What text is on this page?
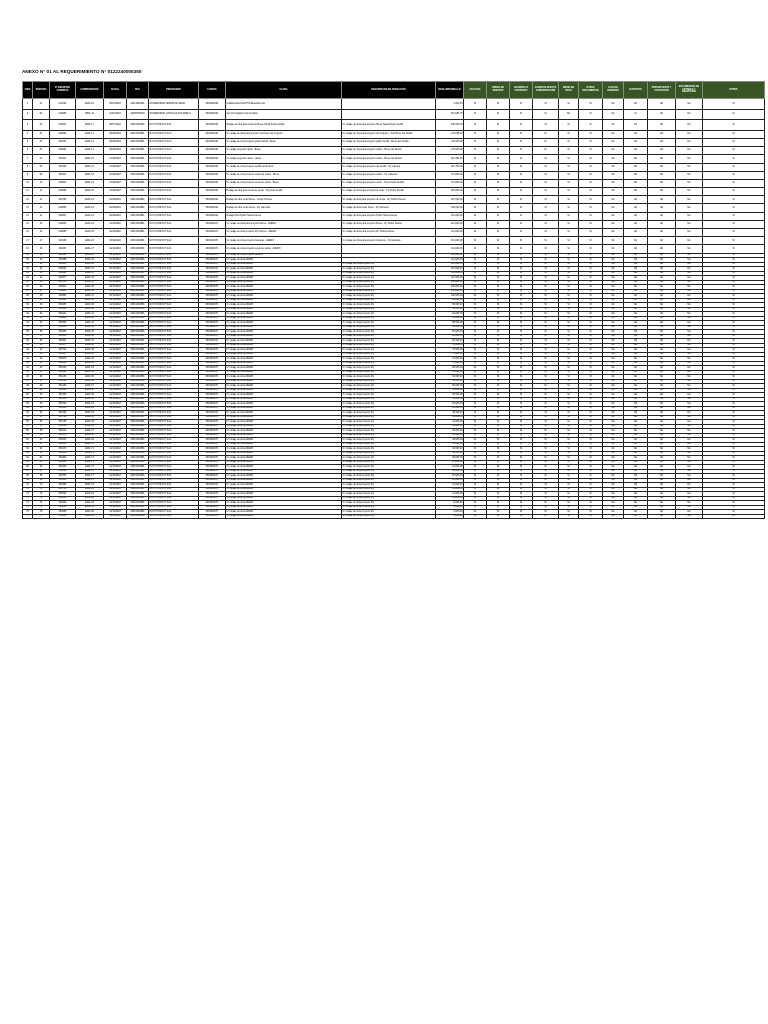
ANEXO N° 01 AL REQUERIMIENTO N° 0122240000350
ITEM	PERIODO	Nº REGISTRO COMPRAS	COMPROBANTE	FECHA	RUC	PROVEEDOR	CUENTA	GLOSA	DESCRIPCION DE OPERACIÓN	BASE IMPONIBLE S/	FACTURA	ORDEN DE SERVICIO	ACUERDO O CONTRATO	ACREDITA EFECTO COMPROBACIÓN	MEDIO DE PAGO	OTROS DOCUMENTOS	GUIA DE REMISIÓN	SUSTENTO	PRESUPUESTO Y COTIZACIÓN	DOCUMENTOS DE ENTREGA Y RECEPCIÓN	OTROS
1	01	012022	E001-91	05/01/2018	20412803901	UNIVERSIDAD SEÑOR DE SIPAN	6391000001	Colaboración Red PTM Beneficiencia		1,201.63	SI	SI	SI	SI	SI	SI	NA	NA	NA	NA	SI
2	02	018080	FB01-10	10/01/2018	20455783018	UNIVERSIDAD CATÓLICA SAN PABLO	6391000001	Servicio logístico Intermediario		501,083.75	SI	SI	SI	SI	NA	SI	NA	SI	NA	NA	SI
3	03	048007	E001-17	05/07/2018	20601303891	DUTCH FROUT SAC	6391000001	Rodaje de obra para proyecto Breve Santa Pedro Sevilla	Un rodaje de obra para proyecto Breve Santa Pedro Sevilla	296,000.00	SI	SI	SI	SI	SI	SI	NA	NA	NA	NA	SI
4	04	048052	E001-12	05/09/2018	20601303891	DUTCH FROUT SAC	6391000001	Un rodaje de obra para proyecto de Breve del conjunto	Un rodaje de obra para proyecto del conjunto - Sub Breve del Sevilla	176,066.00	SI	SI	SI	SI	SI	SI	NA	NA	NA	NA	SI
5	05	048151	E001-13	05/09/2018	20601303891	DUTCH FROUT SAC	6391000001	Un rodaje de obra proyecto gratis Sevilla - Beva	Un rodaje de obra para proyecto gratis Sevilla - Breve del Sevilla	136,000.00	SI	SI	SI	SI	SI	SI	NA	NA	NA	NA	SI
6	06	048262	E001-14	05/09/2018	20601303891	DUTCH FROUT SAC	6391000001	Un rodaje proyecto varios - Breve	Un rodaje de obra para proyecto varios - Breve del Sevilla	178,000.00	SI	SI	SI	SI	SI	SI	NA	NA	NA	NA	SI
7	07	048341	E001-15	07/09/2018	20601303891	DUTCH FROUT SAC	6391000001	Un rodaje proyecto varios - varios	Un rodaje de obra para proyecto varios - Breve del Sevilla	161,332.00	SI	SI	SI	SI	SI	SI	NA	NA	NA	NA	SI
8	08	048429	E001-16	07/09/2018	20601303891	DUTCH FROUT SAC	6391000001	Un rodaje de obra proyecto sevilla verde obra	Un rodaje de obra para proyecto del sevilla - Fly Camera	291,750.00	SI	SI	SI	SI	SI	SI	NA	NA	NA	NA	SI
9	09	048511	E001-18	10/09/2018	20601303891	DUTCH FROUT SAC	6391000001	Un rodaje de obra proyecto varios de varios - Breve	Un rodaje de obra para proyecto varios - Fly Cameras	172,000.00	SI	SI	SI	SI	SI	SI	NA	NA	NA	NA	SI
10	10	048607	E001-19	12/09/2018	20601303891	DUTCH FROUT SAC	6391000001	Un rodaje de obra proyecto verde de varios - Breve	Un rodaje de obra para proyecto verde - breve Pedro Sevilla	172,000.00	SI	SI	SI	SI	SI	SI	NA	NA	NA	NA	SI
11	11	048695	E001-20	15/09/2018	20601303891	DUTCH FROUT SAC	6391000001	Rodaje de obra para verde de varios - Fly pedro sevilla	Un rodaje de obra para el proyecto verde - Fly Pedro Sevilla	287,000.00	SI	SI	SI	SI	SI	SI	NA	NA	NA	NA	SI
12	12	048782	E001-21	15/09/2018	20601303891	DUTCH FROUT SAC	6391000001	Rodaje de obra verde Breve - Pedro Herrera	Un rodaje de obra para proyecto de verde - Fly Pedro Herrera	187,000.00	SI	SI	SI	SI	SI	SI	NA	NA	NA	NA	SI
13	13	048856	E001-22	20/09/2018	20601303891	DUTCH FROUT SAC	6391000001	Rodaje de obra verde breve - Fly Cameras	Un rodaje de obra verde breve - Fly Cameras	166,000.00	SI	SI	SI	SI	SI	SI	NA	NA	NA	NA	SI
14	14	048937	E001-23	25/09/2018	20601303891	DUTCH FROUT SAC	6391000001	Rodaje Obra Pedro Herrera breve	Un rodaje de obra para proyecto Pedro Herrera breve	161,000.00	SI	SI	SI	SI	SI	SI	NA	NA	NA	NA	SI
15	15	049005	E001-24	12/11/2018	20601303891	DUTCH FROUT SAC	6391000071	Un rodaje de obra para proyecto Breve - AZERO	Un rodaje de obra para proyecto Breve - Fly Pedro Sevilla	216,000.00	SI	SI	SI	SI	SI	SI	NA	NA	NA	NA	SI
16	16	049085	E001-25	20/11/2018	20601303891	DUTCH FROUT SAC	6391000071	Un rodaje de obra proyecto Fly Herrera - AZERO	Un rodaje de obra para proyecto Fly Herrera Breve	131,000.00	SI	SI	SI	SI	SI	SI	NA	NA	NA	NA	SI
17	17	049168	E001-26	30/11/2018	20601303891	DUTCH FROUT SAC	6391000071	Un rodaje de obra proyecto Cameras - AZERO	Un rodaje de obra para proyecto Cameras - Fly Cameras	161,000.00	SI	SI	SI	SI	SI	SI	NA	NA	NA	NA	SI
18	18	049237	E001-27	04/12/2018	20601303891	DUTCH FROUT SAC	6391000071	Un rodaje de obra proyecto verde de varios - AZERO		131,000.00	SI	SI	SI	SI	SI	SI	NA	NA	NA	NA	SI
19	19	049311	E001-28	10/12/2018	20601303891	DUTCH FROUT SAC	6391000071	Un rodaje de obra proyecto AZERO		126,000.00	SI	SI	SI	SI	SI	SI	NA	NA	NA	NA	SI
20	20	049388	E001-29	15/12/2018	20601303891	DUTCH FROUT SAC	6391000071	Un rodaje de obra AZERO		121,000.00	SI	SI	SI	SI	SI	SI	NA	NA	NA	NA	SI
21	21	049455	E001-30	18/12/2018	20601303891	DUTCH FROUT SAC	6391000071	Un rodaje de obra AZERO	Un rodaje de obra proyecto Fly	118,000.00	SI	SI	SI	SI	SI	SI	NA	NA	NA	NA	SI
22	22	049531	E001-31	20/12/2018	20601303891	DUTCH FROUT SAC	6391000071	Un rodaje de obra AZERO	Un rodaje de obra proyecto Fly	115,000.00	SI	SI	SI	SI	SI	SI	NA	NA	NA	NA	SI
23	23	049602	E001-32	22/12/2018	20601303891	DUTCH FROUT SAC	6391000071	Un rodaje de obra AZERO	Un rodaje de obra proyecto Fly	112,000.00	SI	SI	SI	SI	SI	SI	NA	NA	NA	NA	SI
24	24	049677	E001-33	24/12/2018	20601303891	DUTCH FROUT SAC	6391000071	Un rodaje de obra AZERO	Un rodaje de obra proyecto Fly	110,000.00	SI	SI	SI	SI	SI	SI	NA	NA	NA	NA	SI
25	25	049741	E001-34	26/12/2018	20601303891	DUTCH FROUT SAC	6391000071	Un rodaje de obra AZERO	Un rodaje de obra proyecto Fly	108,000.00	SI	SI	SI	SI	SI	SI	NA	NA	NA	NA	SI
26	26	049812	E001-35	28/12/2018	20601303891	DUTCH FROUT SAC	6391000071	Un rodaje de obra AZERO	Un rodaje de obra proyecto Fly	105,000.00	SI	SI	SI	SI	SI	SI	NA	NA	NA	NA	SI
27	27	049880	E001-36	29/12/2018	20601303891	DUTCH FROUT SAC	6391000071	Un rodaje de obra AZERO	Un rodaje de obra proyecto Fly	102,000.00	SI	SI	SI	SI	SI	SI	NA	NA	NA	NA	SI
28	28	049951	E001-37	30/12/2018	20601303891	DUTCH FROUT SAC	6391000071	Un rodaje de obra AZERO	Un rodaje de obra proyecto Fly	100,000.00	SI	SI	SI	SI	SI	SI	NA	NA	NA	NA	SI
29	29	050018	E001-38	31/12/2018	20601303891	DUTCH FROUT SAC	6391000071	Un rodaje de obra AZERO	Un rodaje de obra proyecto Fly	98,000.00	SI	SI	SI	SI	SI	SI	NA	NA	NA	NA	SI
30	30	050087	E001-39	31/12/2018	20601303891	DUTCH FROUT SAC	6391000071	Un rodaje de obra AZERO	Un rodaje de obra proyecto Fly	96,000.00	SI	SI	SI	SI	SI	SI	NA	NA	NA	NA	SI
31	31	050154	E001-40	31/12/2018	20601303891	DUTCH FROUT SAC	6391000071	Un rodaje de obra AZERO	Un rodaje de obra proyecto Fly	94,000.00	SI	SI	SI	SI	SI	SI	NA	NA	NA	NA	SI
32	32	050221	E001-41	31/12/2018	20601303891	DUTCH FROUT SAC	6391000071	Un rodaje de obra AZERO	Un rodaje de obra proyecto Fly	92,000.00	SI	SI	SI	SI	SI	SI	NA	NA	NA	NA	SI
33	33	050289	E001-42	31/12/2018	20601303891	DUTCH FROUT SAC	6391000071	Un rodaje de obra AZERO	Un rodaje de obra proyecto Fly	90,000.00	SI	SI	SI	SI	SI	SI	NA	NA	NA	NA	SI
34	34	050352	E001-43	31/12/2018	20601303891	DUTCH FROUT SAC	6391000071	Un rodaje de obra AZERO	Un rodaje de obra proyecto Fly	88,000.00	SI	SI	SI	SI	SI	SI	NA	NA	NA	NA	SI
35	35	050418	E001-44	31/12/2018	20601303891	DUTCH FROUT SAC	6391000071	Un rodaje de obra AZERO	Un rodaje de obra proyecto Fly	86,000.00	SI	SI	SI	SI	SI	SI	NA	NA	NA	NA	SI
36	36	050481	E001-45	31/12/2018	20601303891	DUTCH FROUT SAC	6391000071	Un rodaje de obra AZERO	Un rodaje de obra proyecto Fly	84,000.00	SI	SI	SI	SI	SI	SI	NA	NA	NA	NA	SI
37	37	050546	E001-46	31/12/2018	20601303891	DUTCH FROUT SAC	6391000071	Un rodaje de obra AZERO	Un rodaje de obra proyecto Fly	82,000.00	SI	SI	SI	SI	SI	SI	NA	NA	NA	NA	SI
38	38	050611	E001-47	31/12/2018	20601303891	DUTCH FROUT SAC	6391000071	Un rodaje de obra AZERO	Un rodaje de obra proyecto Fly	80,000.00	SI	SI	SI	SI	SI	SI	NA	NA	NA	NA	SI
39	39	050677	E001-48	31/12/2018	20601303891	DUTCH FROUT SAC	6391000071	Un rodaje de obra AZERO	Un rodaje de obra proyecto Fly	78,000.00	SI	SI	SI	SI	SI	SI	NA	NA	NA	NA	SI
40	40	050742	E001-49	31/12/2018	20601303891	DUTCH FROUT SAC	6391000071	Un rodaje de obra AZERO	Un rodaje de obra proyecto Fly	76,000.00	SI	SI	SI	SI	SI	SI	NA	NA	NA	NA	SI
41	41	050807	E001-50	31/12/2018	20601303891	DUTCH FROUT SAC	6391000071	Un rodaje de obra AZERO	Un rodaje de obra proyecto Fly	74,000.00	SI	SI	SI	SI	SI	SI	NA	NA	NA	NA	SI
42	42	050873	E001-51	31/12/2018	20601303891	DUTCH FROUT SAC	6391000071	Un rodaje de obra AZERO	Un rodaje de obra proyecto Fly	72,000.00	SI	SI	SI	SI	SI	SI	NA	NA	NA	NA	SI
43	43	050938	E001-52	31/12/2018	20601303891	DUTCH FROUT SAC	6391000071	Un rodaje de obra AZERO	Un rodaje de obra proyecto Fly	70,000.00	SI	SI	SI	SI	SI	SI	NA	NA	NA	NA	SI
44	44	051003	E001-53	31/12/2018	20601303891	DUTCH FROUT SAC	6391000071	Un rodaje de obra AZERO	Un rodaje de obra proyecto Fly	68,000.00	SI	SI	SI	SI	SI	SI	NA	NA	NA	NA	SI
45	45	051068	E001-54	31/12/2018	20601303891	DUTCH FROUT SAC	6391000071	Un rodaje de obra AZERO	Un rodaje de obra proyecto Fly	66,000.00	SI	SI	SI	SI	SI	SI	NA	NA	NA	NA	SI
46	46	051133	E001-55	31/12/2018	20601303891	DUTCH FROUT SAC	6391000071	Un rodaje de obra AZERO	Un rodaje de obra proyecto Fly	64,000.00	SI	SI	SI	SI	SI	SI	NA	NA	NA	NA	SI
47	47	051198	E001-56	31/12/2018	20601303891	DUTCH FROUT SAC	6391000071	Un rodaje de obra AZERO	Un rodaje de obra proyecto Fly	62,000.00	SI	SI	SI	SI	SI	SI	NA	NA	NA	NA	SI
48	48	051263	E001-57	31/12/2018	20601303891	DUTCH FROUT SAC	6391000071	Un rodaje de obra AZERO	Un rodaje de obra proyecto Fly	60,000.00	SI	SI	SI	SI	SI	SI	NA	NA	NA	NA	SI
49	49	051328	E001-58	31/12/2018	20601303891	DUTCH FROUT SAC	6391000071	Un rodaje de obra AZERO	Un rodaje de obra proyecto Fly	58,000.00	SI	SI	SI	SI	SI	SI	NA	NA	NA	NA	SI
50	50	051393	E001-59	31/12/2018	20601303891	DUTCH FROUT SAC	6391000071	Un rodaje de obra AZERO	Un rodaje de obra proyecto Fly	56,000.00	SI	SI	SI	SI	SI	SI	NA	NA	NA	NA	SI
51	51	051458	E001-60	31/12/2018	20601303891	DUTCH FROUT SAC	6391000071	Un rodaje de obra AZERO	Un rodaje de obra proyecto Fly	54,000.00	SI	SI	SI	SI	SI	SI	NA	NA	NA	NA	SI
52	52	051523	E001-61	31/12/2018	20601303891	DUTCH FROUT SAC	6391000071	Un rodaje de obra AZERO	Un rodaje de obra proyecto Fly	52,000.00	SI	SI	SI	SI	SI	SI	NA	NA	NA	NA	SI
53	53	051588	E001-62	31/12/2018	20601303891	DUTCH FROUT SAC	6391000071	Un rodaje de obra AZERO	Un rodaje de obra proyecto Fly	50,000.00	SI	SI	SI	SI	SI	SI	NA	NA	NA	NA	SI
54	54	051653	E001-63	31/12/2018	20601303891	DUTCH FROUT SAC	6391000071	Un rodaje de obra AZERO	Un rodaje de obra proyecto Fly	48,000.00	SI	SI	SI	SI	SI	SI	NA	NA	NA	NA	SI
55	55	051718	E001-64	31/12/2018	20601303891	DUTCH FROUT SAC	6391000071	Un rodaje de obra AZERO	Un rodaje de obra proyecto Fly	46,000.00	SI	SI	SI	SI	SI	SI	NA	NA	NA	NA	SI
56	56	051783	E001-65	31/12/2018	20601303891	DUTCH FROUT SAC	6391000071	Un rodaje de obra AZERO	Un rodaje de obra proyecto Fly	44,000.00	SI	SI	SI	SI	SI	SI	NA	NA	NA	NA	SI
57	57	051848	E001-66	31/12/2018	20601303891	DUTCH FROUT SAC	6391000071	Un rodaje de obra AZERO	Un rodaje de obra proyecto Fly	42,000.00	SI	SI	SI	SI	SI	SI	NA	NA	NA	NA	SI
58	58	051913	E001-67	31/12/2018	20601303891	DUTCH FROUT SAC	6391000071	Un rodaje de obra AZERO	Un rodaje de obra proyecto Fly	40,000.00	SI	SI	SI	SI	SI	SI	NA	NA	NA	NA	SI
59	59	051978	E001-68	31/12/2018	20601303891	DUTCH FROUT SAC	6391000071	Un rodaje de obra AZERO	Un rodaje de obra proyecto Fly	38,000.00	SI	SI	SI	SI	SI	SI	NA	NA	NA	NA	SI
60	60	052043	E001-69	31/12/2018	20601303891	DUTCH FROUT SAC	6391000071	Un rodaje de obra AZERO	Un rodaje de obra proyecto Fly	36,000.00	SI	SI	SI	SI	SI	SI	NA	NA	NA	NA	SI
61	61	052108	E001-70	31/12/2018	20601303891	DUTCH FROUT SAC	6391000071	Un rodaje de obra AZERO	Un rodaje de obra proyecto Fly	34,000.00	SI	SI	SI	SI	SI	SI	NA	NA	NA	NA	SI
62	62	052173	E001-71	31/12/2018	20601303891	DUTCH FROUT SAC	6391000071	Un rodaje de obra AZERO	Un rodaje de obra proyecto Fly	32,000.00	SI	SI	SI	SI	SI	SI	NA	NA	NA	NA	SI
63	63	052238	E001-72	31/12/2018	20601303891	DUTCH FROUT SAC	6391000071	Un rodaje de obra AZERO	Un rodaje de obra proyecto Fly	30,000.00	SI	SI	SI	SI	SI	SI	NA	NA	NA	NA	SI
64	64	052303	E001-73	31/12/2018	20601303891	DUTCH FROUT SAC	6391000071	Un rodaje de obra AZERO	Un rodaje de obra proyecto Fly	28,000.00	SI	SI	SI	SI	SI	SI	NA	NA	NA	NA	SI
65	65	052368	E001-74	31/12/2018	20601303891	DUTCH FROUT SAC	6391000071	Un rodaje de obra AZERO	Un rodaje de obra proyecto Fly	26,000.00	SI	SI	SI	SI	SI	SI	NA	NA	NA	NA	SI
66	66	052433	E001-75	31/12/2018	20601303891	DUTCH FROUT SAC	6391000071	Un rodaje de obra AZERO	Un rodaje de obra proyecto Fly	24,000.00	SI	SI	SI	SI	SI	SI	NA	NA	NA	NA	SI
67	67	052498	E001-76	31/12/2018	20601303891	DUTCH FROUT SAC	6391000071	Un rodaje de obra AZERO	Un rodaje de obra proyecto Fly	22,000.00	SI	SI	SI	SI	SI	SI	NA	NA	NA	NA	SI
68	68	052563	E001-77	31/12/2018	20601303891	DUTCH FROUT SAC	6391000071	Un rodaje de obra AZERO	Un rodaje de obra proyecto Fly	20,000.00	SI	SI	SI	SI	SI	SI	NA	NA	NA	NA	SI
69	69	052628	E001-78	31/12/2018	20601303891	DUTCH FROUT SAC	6391000071	Un rodaje de obra AZERO	Un rodaje de obra proyecto Fly	18,000.00	SI	SI	SI	SI	SI	SI	NA	NA	NA	NA	SI
70	70	052693	E001-79	31/12/2018	20601303891	DUTCH FROUT SAC	6391000071	Un rodaje de obra AZERO	Un rodaje de obra proyecto Fly	16,000.00	SI	SI	SI	SI	SI	SI	NA	NA	NA	NA	SI
71	71	052758	E001-80	31/12/2018	20601303891	DUTCH FROUT SAC	6391000071	Un rodaje de obra AZERO	Un rodaje de obra proyecto Fly	14,000.00	SI	SI	SI	SI	SI	SI	NA	NA	NA	NA	SI
72	72	052823	E001-81	31/12/2018	20601303891	DUTCH FROUT SAC	6391000071	Un rodaje de obra AZERO	Un rodaje de obra proyecto Fly	12,000.00	SI	SI	SI	SI	SI	SI	NA	NA	NA	NA	SI
73	73	052888	E001-82	31/12/2018	20601303891	DUTCH FROUT SAC	6391000071	Un rodaje de obra AZERO	Un rodaje de obra proyecto Fly	10,000.00	SI	SI	SI	SI	SI	SI	NA	NA	NA	NA	SI
74	74	052953	E001-83	31/12/2018	20601303891	DUTCH FROUT SAC	6391000071	Un rodaje de obra AZERO	Un rodaje de obra proyecto Fly	8,000.00	SI	SI	SI	SI	SI	SI	NA	NA	NA	NA	SI
75	75	053018	E001-84	31/12/2018	20601303891	DUTCH FROUT SAC	6391000071	Un rodaje de obra AZERO	Un rodaje de obra proyecto Fly	6,000.00	SI	SI	SI	SI	SI	SI	NA	NA	NA	NA	SI
76	76	053083	E001-85	31/12/2018	20601303891	DUTCH FROUT SAC	6391000071	Un rodaje de obra AZERO	Un rodaje de obra proyecto Fly	4,000.00	SI	SI	SI	SI	SI	SI	NA	NA	NA	NA	SI
77	77	053148	E001-86	31/12/2018	20601303891	DUTCH FROUT SAC	6391000071	Un rodaje de obra AZERO	Un rodaje de obra proyecto Fly	2,000.00	SI	SI	SI	SI	SI	SI	NA	NA	NA	NA	SI
